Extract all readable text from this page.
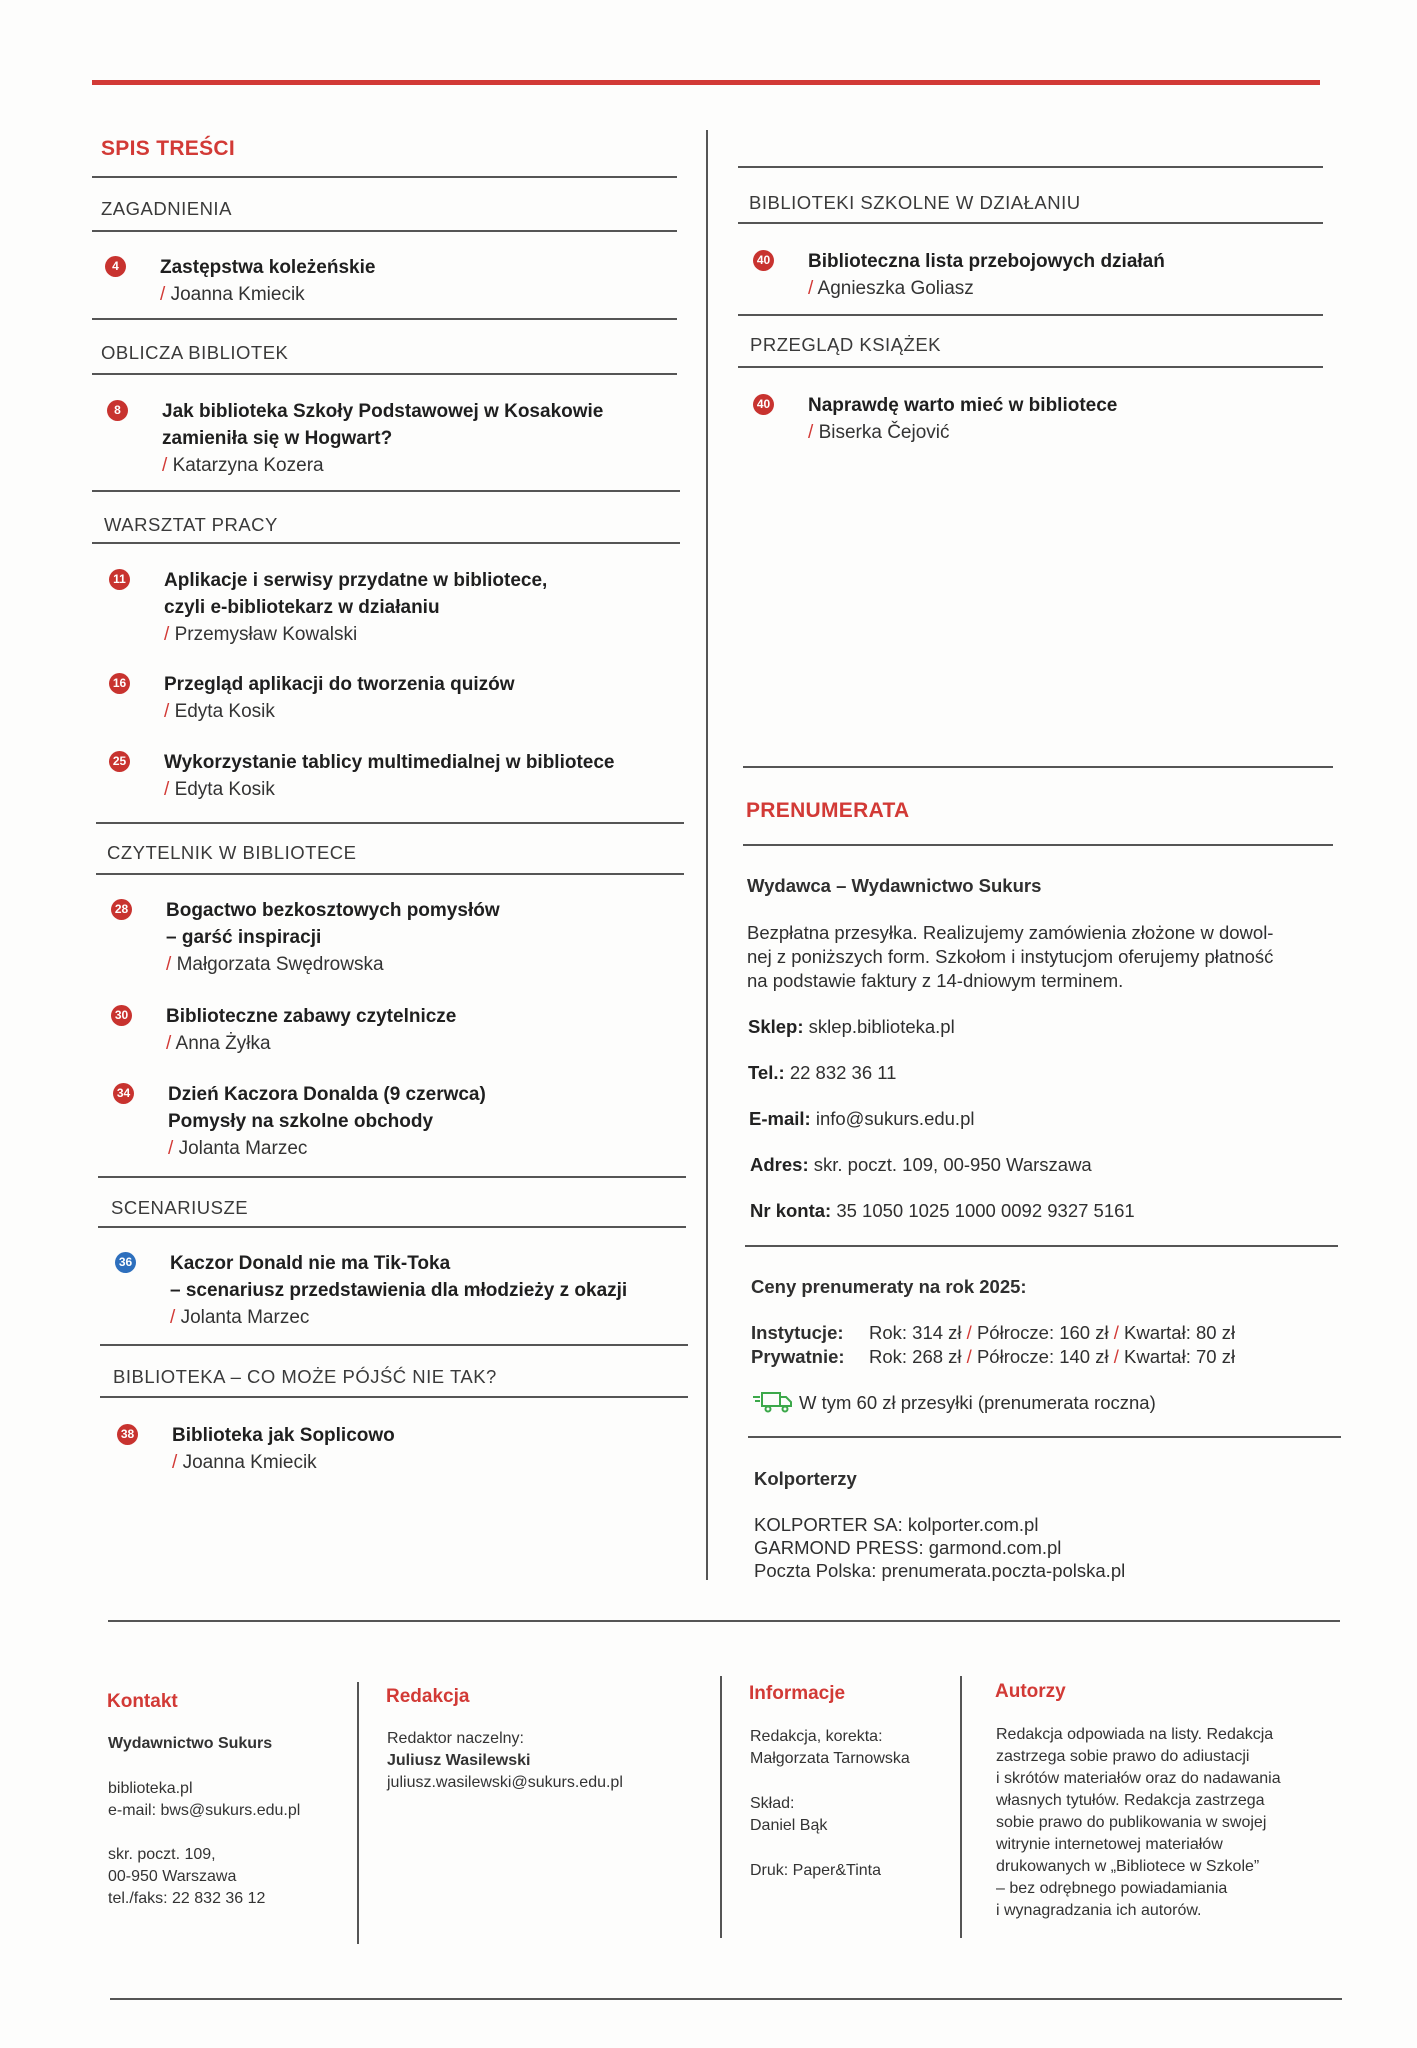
SPIS TREŚCI
ZAGADNIENIA
4	Zastępstwa koleżeńskie
/ Joanna Kmiecik
OBLICZA BIBLIOTEK
8	Jak biblioteka Szkoły Podstawowej w Kosakowie
zamieniła się w Hogwart?
/ Katarzyna Kozera
WARSZTAT PRACY
11 Aplikacje i serwisy przydatne w bibliotece,
czyli e-bibliotekarz w działaniu
/ Przemysław Kowalski
16 Przegląd aplikacji do tworzenia quizów
/ Edyta Kosik
25 Wykorzystanie tablicy multimedialnej w bibliotece
/ Edyta Kosik
CZYTELNIK W BIBLIOTECE
28 Bogactwo bezkosztowych pomysłów
– garść inspiracji
/ Małgorzata Swędrowska
30 Biblioteczne zabawy czytelnicze
/ Anna Żyłka
34 Dzień Kaczora Donalda (9 czerwca)
Pomysły na szkolne obchody
/ Jolanta Marzec
SCENARIUSZE
36 Kaczor Donald nie ma Tik-Toka
– scenariusz przedstawienia dla młodzieży z okazji
/ Jolanta Marzec
BIBLIOTEKA – CO MOŻE PÓJŚĆ NIE TAK?
38 Biblioteka jak Soplicowo
/ Joanna Kmiecik
BIBLIOTEKI SZKOLNE W DZIAŁANIU
40 Biblioteczna lista przebojowych działań
/ Agnieszka Goliasz
PRZEGLĄD KSIĄŻEK
40 Naprawdę warto mieć w bibliotece
/ Biserka Čejović
PRENUMERATA
Wydawca – Wydawnictwo Sukurs
Bezpłatna przesyłka. Realizujemy zamówienia złożone w dowol-
nej z poniższych form. Szkołom i instytucjom oferujemy płatność
na podstawie faktury z 14-dniowym terminem.
Sklep: sklep.biblioteka.pl
Tel.: 22 832 36 11
E-mail: info@sukurs.edu.pl
Adres: skr. poczt. 109, 00-950 Warszawa
Nr konta: 35 1050 1025 1000 0092 9327 5161
Ceny prenumeraty na rok 2025:
Instytucje: Rok: 314 zł / Półrocze: 160 zł / Kwartał: 80 zł
Prywatnie: Rok: 268 zł / Półrocze: 140 zł / Kwartał: 70 zł
W tym 60 zł przesyłki (prenumerata roczna)
Kolporterzy
KOLPORTER SA: kolporter.com.pl
GARMOND PRESS: garmond.com.pl
Poczta Polska: prenumerata.poczta-polska.pl
Kontakt
Wydawnictwo Sukurs
biblioteka.pl
e-mail: bws@sukurs.edu.pl
skr. poczt. 109,
00-950 Warszawa
tel./faks: 22 832 36 12
Redakcja
Redaktor naczelny:
Juliusz Wasilewski
juliusz.wasilewski@sukurs.edu.pl
Informacje
Redakcja, korekta:
Małgorzata Tarnowska
Skład:
Daniel Bąk
Druk: Paper&Tinta
Autorzy
Redakcja odpowiada na listy. Redakcja
zastrzega sobie prawo do adiustacji
i skrótów materiałów oraz do nadawania
własnych tytułów. Redakcja zastrzega
sobie prawo do publikowania w swojej
witrynie internetowej materiałów
drukowanych w „Bibliotece w Szkole”
– bez odrębnego powiadamiania
i wynagradzania ich autorów.
